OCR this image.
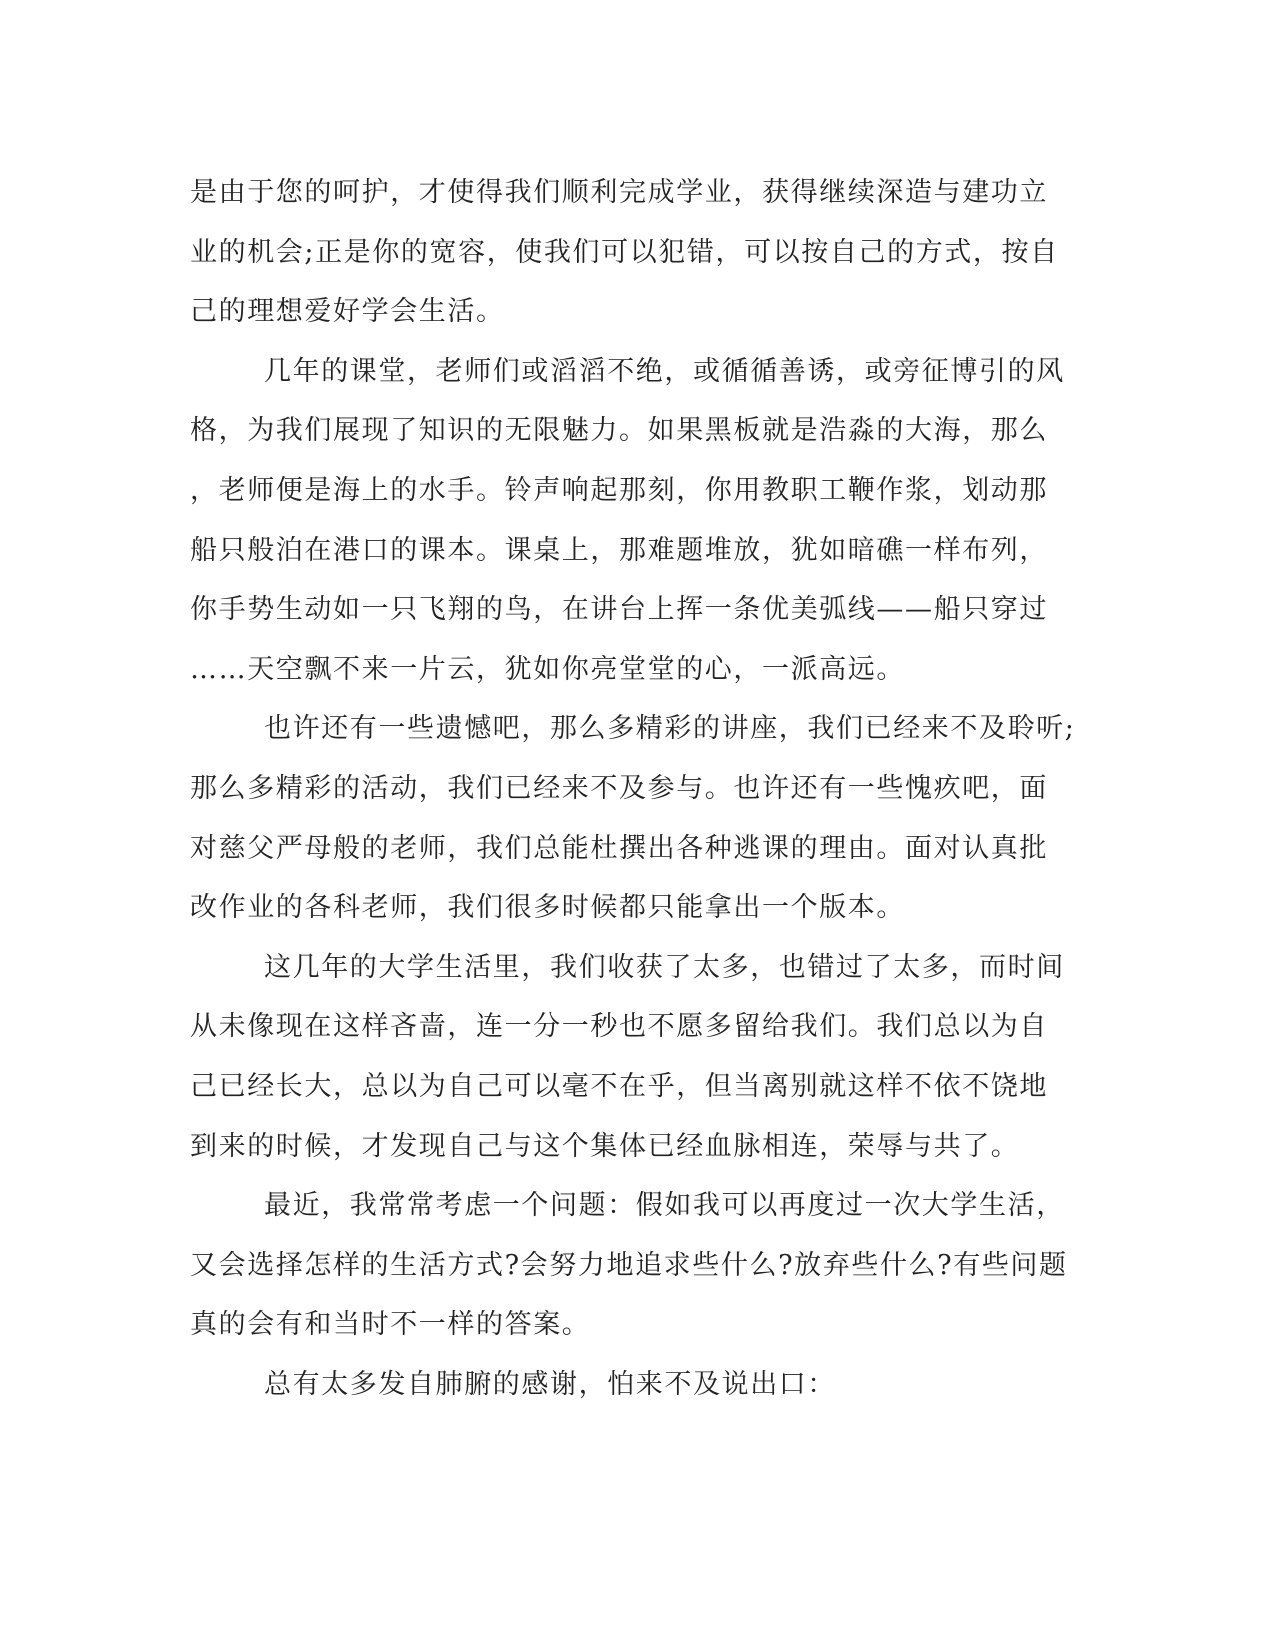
是由于您的呵护，才使得我们顺利完成学业，获得继续深造与建功立
业的机会;正是你的宽容，使我们可以犯错，可以按自己的方式，按自
己的理想爱好学会生活。
几年的课堂，老师们或滔滔不绝，或循循善诱，或旁征博引的风
格，为我们展现了知识的无限魅力。如果黑板就是浩淼的大海，那么
，老师便是海上的水手。铃声响起那刻，你用教职工鞭作浆，划动那
船只般泊在港口的课本。课桌上，那难题堆放，犹如暗礁一样布列，
你手势生动如一只飞翔的鸟，在讲台上挥一条优美弧线——船只穿过
……天空飘不来一片云，犹如你亮堂堂的心，一派高远。
也许还有一些遗憾吧，那么多精彩的讲座，我们已经来不及聆听;
那么多精彩的活动，我们已经来不及参与。也许还有一些愧疚吧，面
对慈父严母般的老师，我们总能杜撰出各种逃课的理由。面对认真批
改作业的各科老师，我们很多时候都只能拿出一个版本。
这几年的大学生活里，我们收获了太多，也错过了太多，而时间
从未像现在这样吝啬，连一分一秒也不愿多留给我们。我们总以为自
己已经长大，总以为自己可以毫不在乎，但当离别就这样不依不饶地
到来的时候，才发现自己与这个集体已经血脉相连，荣辱与共了。
最近，我常常考虑一个问题：假如我可以再度过一次大学生活，
又会选择怎样的生活方式?会努力地追求些什么?放弃些什么?有些问题
真的会有和当时不一样的答案。
总有太多发自肺腑的感谢，怕来不及说出口：
